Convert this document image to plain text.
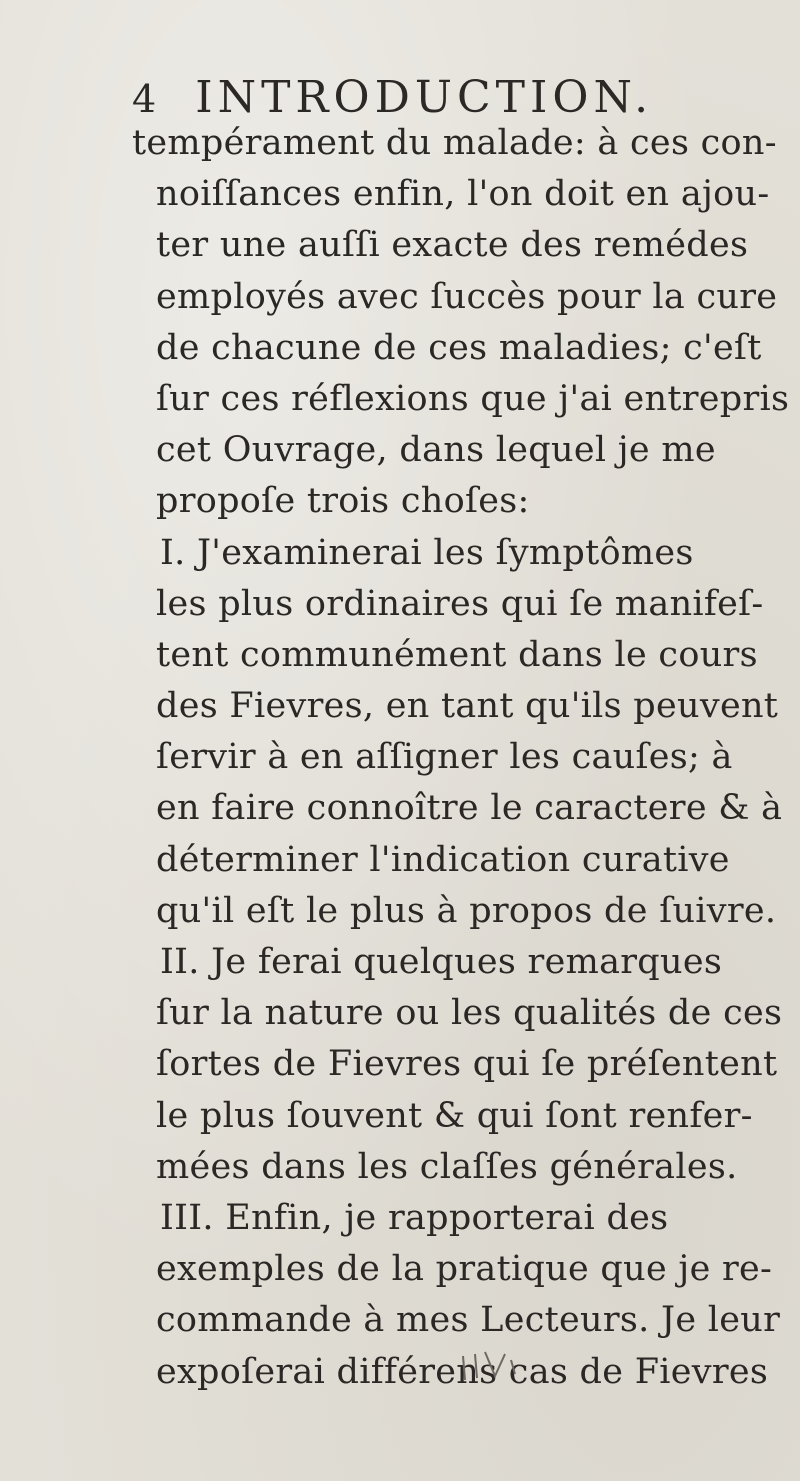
4 INTRODUCTION.
tempérament du malade: à ces con-
noiſſances enfin, l'on doit en ajou-
ter une auſſi exacte des remédes
employés avec ſuccès pour la cure
de chacune de ces maladies; c'eſt
ſur ces réflexions que j'ai entrepris
cet Ouvrage, dans lequel je me
propoſe trois choſes:
I. J'examinerai les ſymptômes
les plus ordinaires qui ſe manifeſ-
tent communément dans le cours
des Fievres, en tant qu'ils peuvent
ſervir à en aſſigner les cauſes; à
en faire connoître le caractere & à
déterminer l'indication curative
qu'il eſt le plus à propos de ſuivre.
II. Je ferai quelques remarques
ſur la nature ou les qualités de ces
ſortes de Fievres qui ſe préſentent
le plus ſouvent & qui ſont renfer-
mées dans les claſſes générales.
III. Enfin, je rapporterai des
exemples de la pratique que je re-
commande à mes Lecteurs. Je leur
expoſerai différens cas de Fievres
